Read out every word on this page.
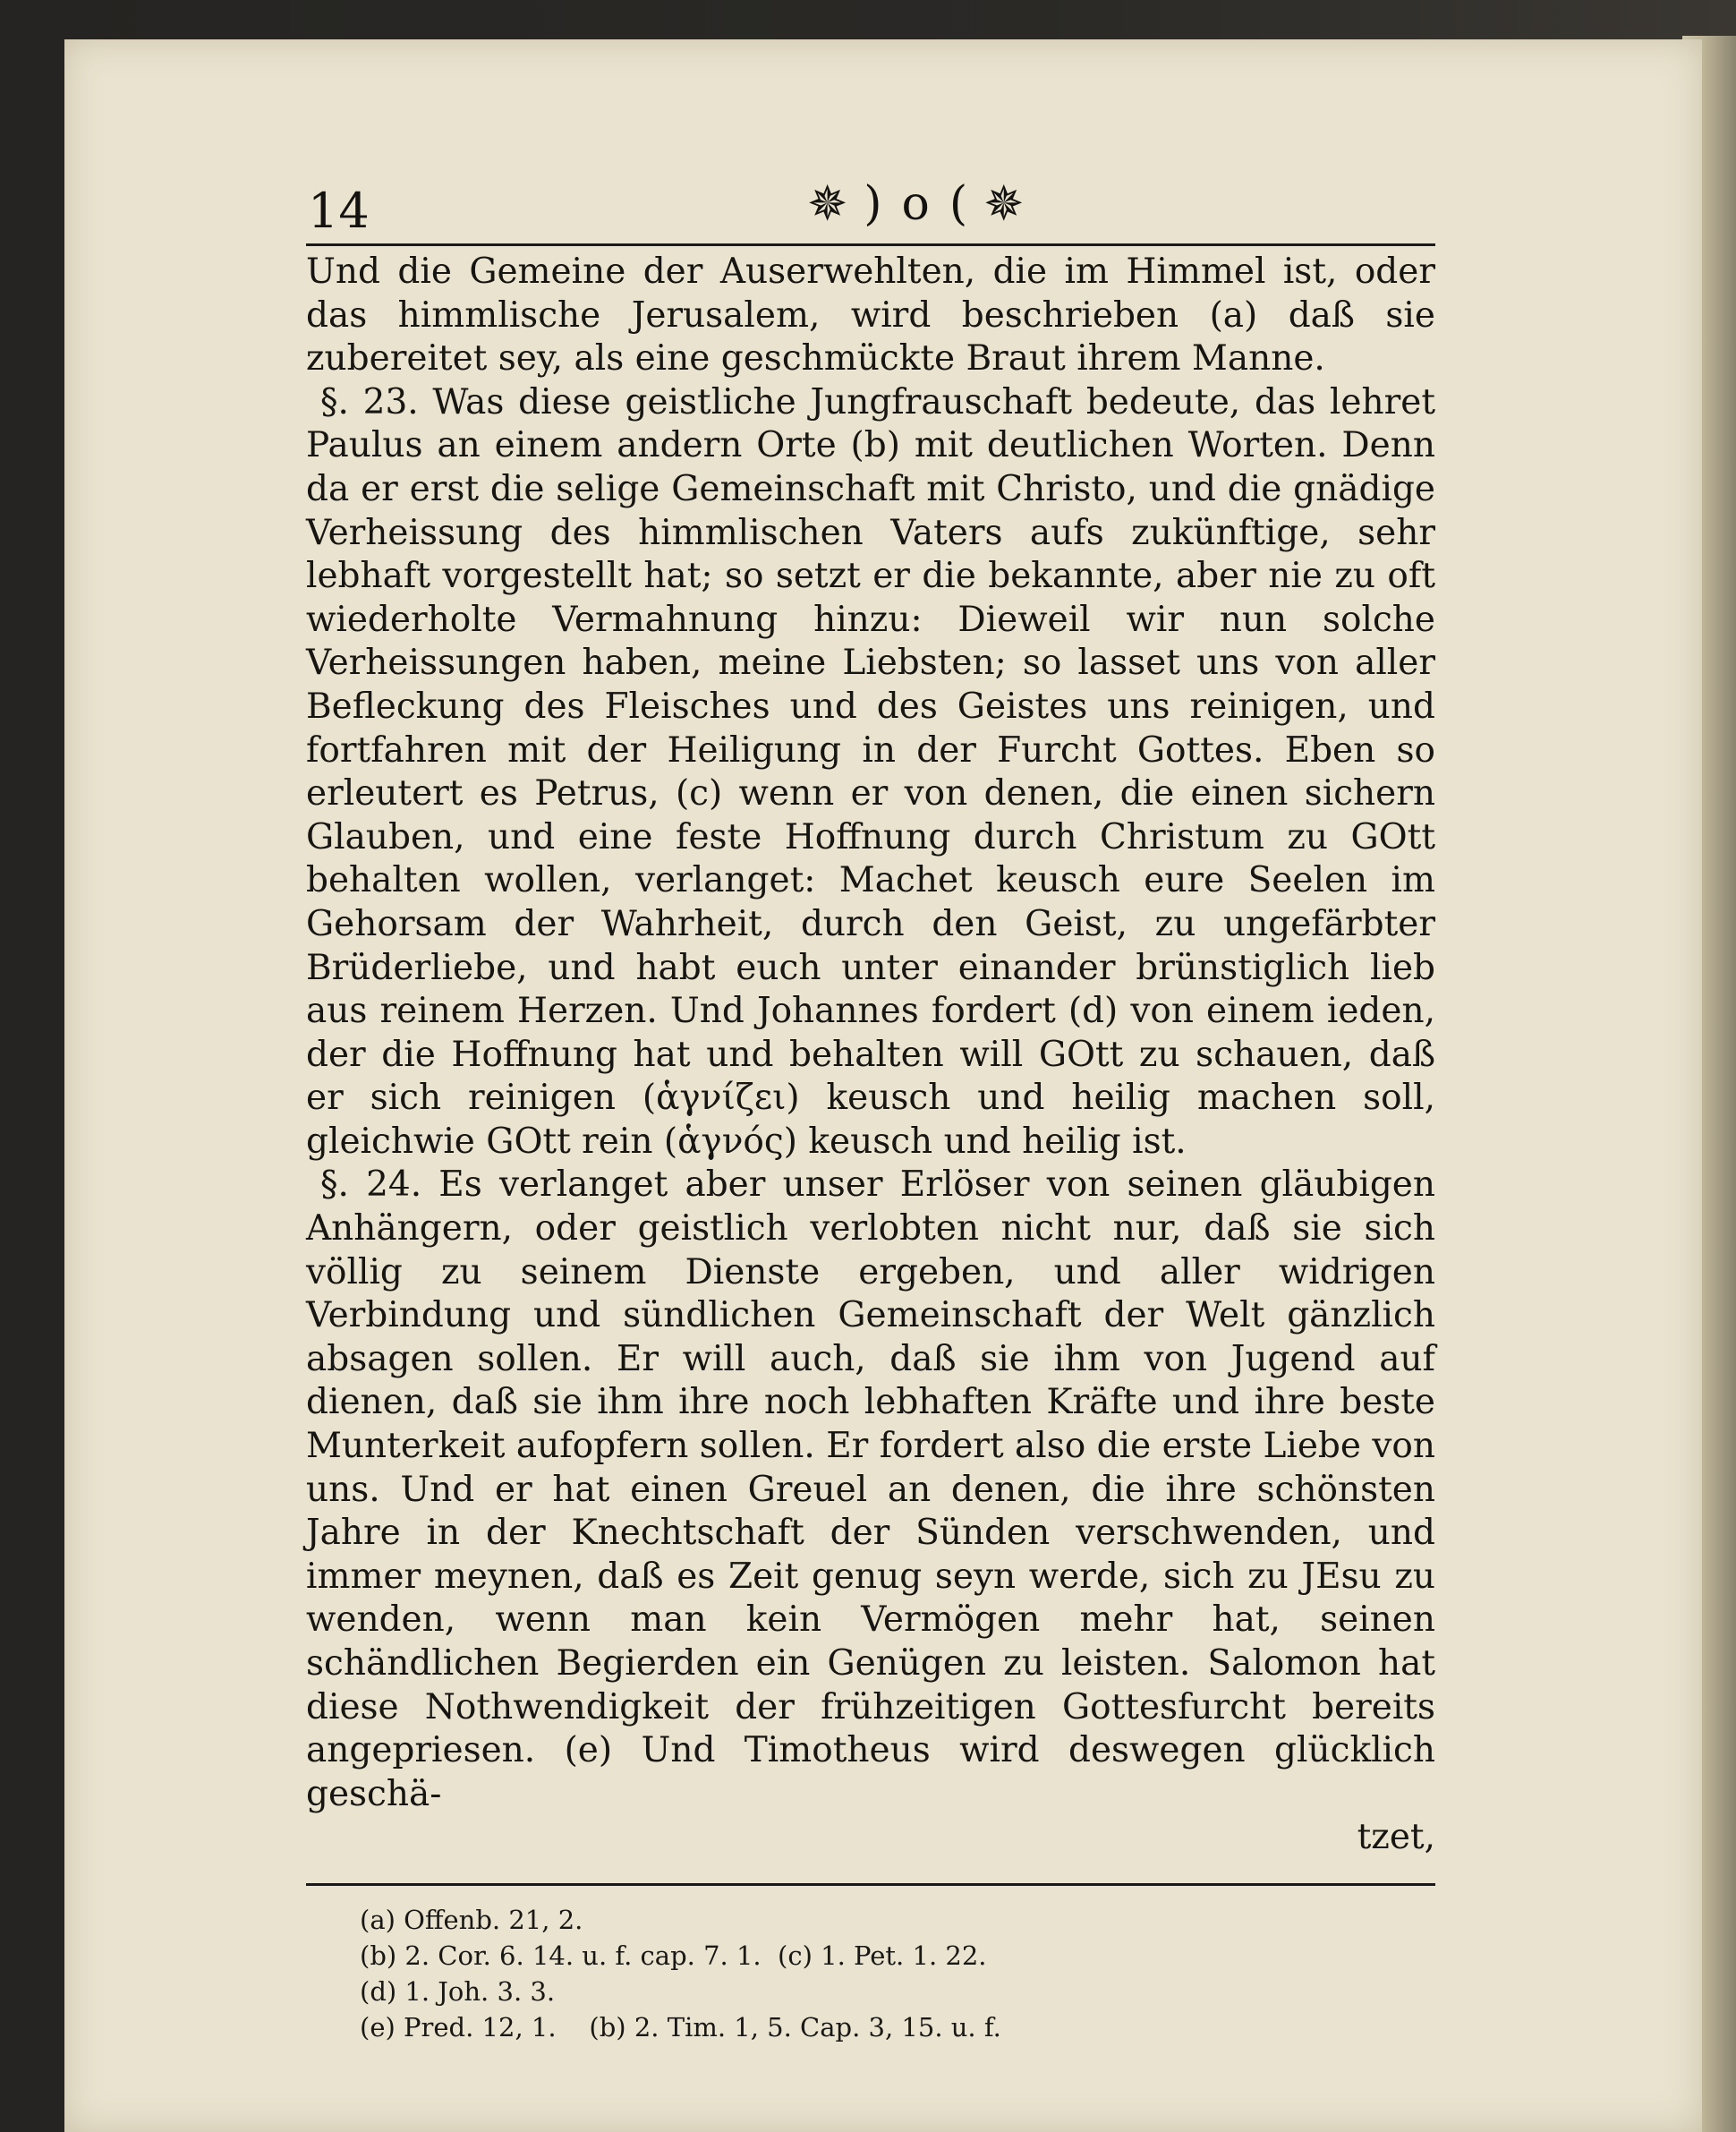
14	✵ ) o ( ✵

Und die Gemeine der Auserwehlten, die im Himmel ist, oder das himmlische Jerusalem, wird beschrieben (a) daß sie zubereitet sey, als eine geschmückte Braut ihrem Manne.

§. 23. Was diese geistliche Jungfrauschaft bedeute, das lehret Paulus an einem andern Orte (b) mit deutlichen Worten. Denn da er erst die selige Gemeinschaft mit Christo, und die gnädige Verheissung des himmlischen Vaters aufs zukünftige, sehr lebhaft vorgestellt hat; so setzt er die bekannte, aber nie zu oft wiederholte Vermahnung hinzu: Dieweil wir nun solche Verheissungen haben, meine Liebsten; so lasset uns von aller Befleckung des Fleisches und des Geistes uns reinigen, und fortfahren mit der Heiligung in der Furcht Gottes. Eben so erleutert es Petrus, (c) wenn er von denen, die einen sichern Glauben, und eine feste Hoffnung durch Christum zu GOtt behalten wollen, verlanget: Machet keusch eure Seelen im Gehorsam der Wahrheit, durch den Geist, zu ungefärbter Brüderliebe, und habt euch unter einander brünstiglich lieb aus reinem Herzen. Und Johannes fordert (d) von einem ieden, der die Hoffnung hat und behalten will GOtt zu schauen, daß er sich reinigen (ἁγνίζει) keusch und heilig machen soll, gleichwie GOtt rein (ἁγνός) keusch und heilig ist.

§. 24. Es verlanget aber unser Erlöser von seinen gläubigen Anhängern, oder geistlich verlobten nicht nur, daß sie sich völlig zu seinem Dienste ergeben, und aller widrigen Verbindung und sündlichen Gemeinschaft der Welt gänzlich absagen sollen. Er will auch, daß sie ihm von Jugend auf dienen, daß sie ihm ihre noch lebhaften Kräfte und ihre beste Munterkeit aufopfern sollen. Er fordert also die erste Liebe von uns. Und er hat einen Greuel an denen, die ihre schönsten Jahre in der Knechtschaft der Sünden verschwenden, und immer meynen, daß es Zeit genug seyn werde, sich zu JEsu zu wenden, wenn man kein Vermögen mehr hat, seinen schändlichen Begierden ein Genügen zu leisten. Salomon hat diese Nothwendigkeit der frühzeitigen Gottesfurcht bereits angepriesen. (e) Und Timotheus wird deswegen glücklich geschä-

tzet,
(a) Offenb. 21, 2.
(b) 2. Cor. 6. 14. u. f. cap. 7. 1.  (c) 1. Pet. 1. 22.
(d) 1. Joh. 3. 3.
(e) Pred. 12, 1.    (b) 2. Tim. 1, 5. Cap. 3, 15. u. f.
